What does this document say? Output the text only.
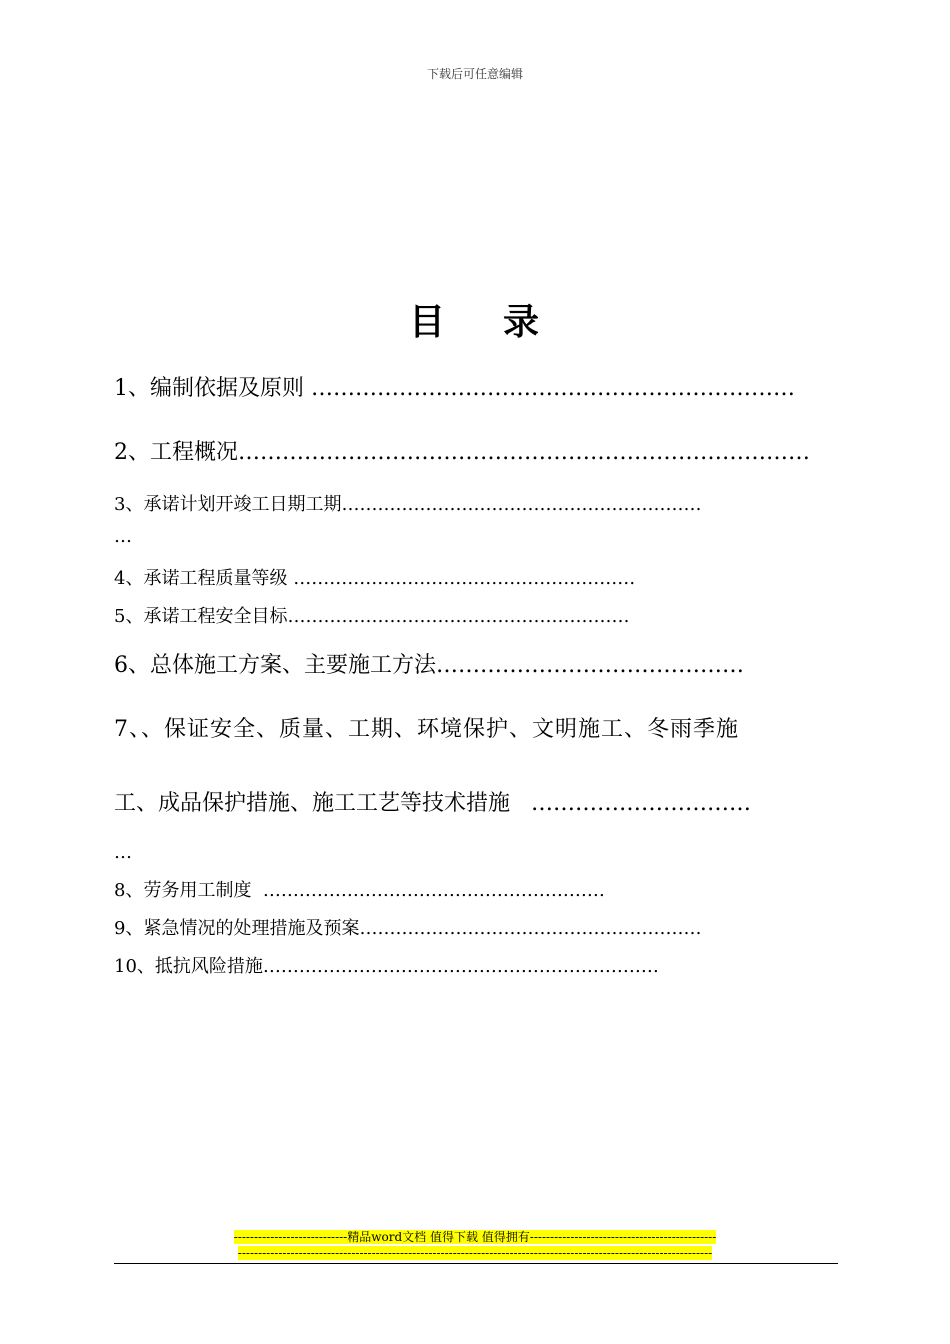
下载后可任意编辑
目 录
1、编制依据及原则 …………………………………………………………
2、工程概况……………………………………………………………………
3、承诺计划开竣工日期工期……………………………………………………
…
4、承诺工程质量等级 …………………………………………………
5、承诺工程安全目标…………………………………………………
6、总体施工方案、主要施工方法……………………………………
7、、保证安全、质量、工期、环境保护、文明施工、冬雨季施
工、成品保护措施、施工工艺等技术措施 …………………………
…
8、劳务用工制度 …………………………………………………
9、紧急情况的处理措施及预案…………………………………………………
10、抵抗风险措施…………………………………………………………
----------------------------精品word文档 值得下载 值得拥有----------------------------------------------
---------------------------------------------------------------------------------------------------------------------
